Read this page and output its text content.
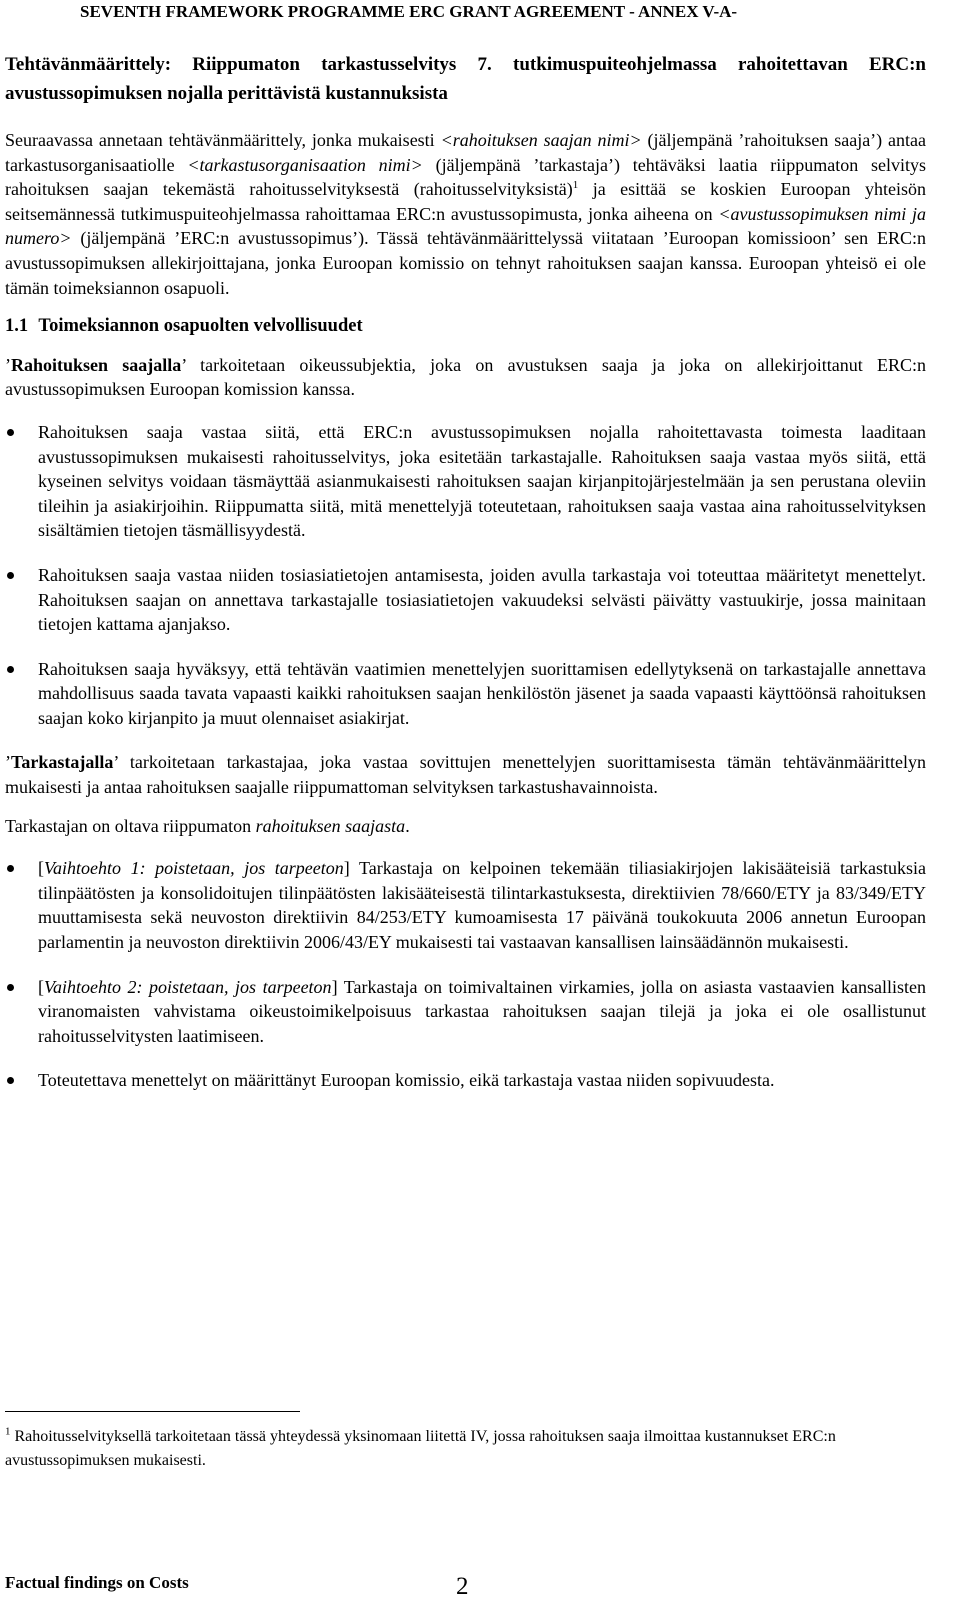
SEVENTH FRAMEWORK PROGRAMME ERC GRANT AGREEMENT - ANNEX V-A-

Tehtävänmäärittely: Riippumaton tarkastusselvitys 7. tutkimuspuiteohjelmassa rahoitettavan ERC:n avustussopimuksen nojalla perittävistä kustannuksista

Seuraavassa annetaan tehtävänmäärittely, jonka mukaisesti <rahoituksen saajan nimi> (jäljempänä ’rahoituksen saaja’) antaa tarkastusorganisaatiolle <tarkastusorganisaation nimi> (jäljempänä ’tarkastaja’) tehtäväksi laatia riippumaton selvitys rahoituksen saajan tekemästä rahoitusselvityksestä (rahoitusselvityksistä)$^1$ ja esittää se koskien Euroopan yhteisön seitsemännessä tutkimuspuiteohjelmassa rahoittamaa ERC:n avustussopimusta, jonka aiheena on <avustussopimuksen nimi ja numero> (jäljempänä ’ERC:n avustussopimus’). Tässä tehtävänmäärittelyssä viitataan ’Euroopan komissioon’ sen ERC:n avustussopimuksen allekirjoittajana, jonka Euroopan komissio on tehnyt rahoituksen saajan kanssa. Euroopan yhteisö ei ole tämän toimeksiannon osapuoli.

1.1 Toimeksiannon osapuolten velvollisuudet

’Rahoituksen saajalla’ tarkoitetaan oikeussubjektia, joka on avustuksen saaja ja joka on allekirjoittanut ERC:n avustussopimuksen Euroopan komission kanssa.

Rahoituksen saaja vastaa siitä, että ERC:n avustussopimuksen nojalla rahoitettavasta toimesta laaditaan avustussopimuksen mukaisesti rahoitusselvitys, joka esitetään tarkastajalle. Rahoituksen saaja vastaa myös siitä, että kyseinen selvitys voidaan täsmäyttää asianmukaisesti rahoituksen saajan kirjanpitojärjestelmään ja sen perustana oleviin tileihin ja asiakirjoihin. Riippumatta siitä, mitä menettelyjä toteutetaan, rahoituksen saaja vastaa aina rahoitusselvityksen sisältämien tietojen täsmällisyydestä.
Rahoituksen saaja vastaa niiden tosiasiatietojen antamisesta, joiden avulla tarkastaja voi toteuttaa määritetyt menettelyt. Rahoituksen saajan on annettava tarkastajalle tosiasiatietojen vakuudeksi selvästi päivätty vastuukirje, jossa mainitaan tietojen kattama ajanjakso.
Rahoituksen saaja hyväksyy, että tehtävän vaatimien menettelyjen suorittamisen edellytyksenä on tarkastajalle annettava mahdollisuus saada tavata vapaasti kaikki rahoituksen saajan henkilöstön jäsenet ja saada vapaasti käyttöönsä rahoituksen saajan koko kirjanpito ja muut olennaiset asiakirjat.

’Tarkastajalla’ tarkoitetaan tarkastajaa, joka vastaa sovittujen menettelyjen suorittamisesta tämän tehtävänmäärittelyn mukaisesti ja antaa rahoituksen saajalle riippumattoman selvityksen tarkastushavainnoista.

Tarkastajan on oltava riippumaton rahoituksen saajasta.

[Vaihtoehto 1: poistetaan, jos tarpeeton] Tarkastaja on kelpoinen tekemään tiliasiakirjojen lakisääteisiä tarkastuksia tilinpäätösten ja konsolidoitujen tilinpäätösten lakisääteisestä tilintarkastuksesta, direktiivien 78/660/ETY ja 83/349/ETY muuttamisesta sekä neuvoston direktiivin 84/253/ETY kumoamisesta 17 päivänä toukokuuta 2006 annetun Euroopan parlamentin ja neuvoston direktiivin 2006/43/EY mukaisesti tai vastaavan kansallisen lainsäädännön mukaisesti.
[Vaihtoehto 2: poistetaan, jos tarpeeton] Tarkastaja on toimivaltainen virkamies, jolla on asiasta vastaavien kansallisten viranomaisten vahvistama oikeustoimikelpoisuus tarkastaa rahoituksen saajan tilejä ja joka ei ole osallistunut rahoitusselvitysten laatimiseen.
Toteutettava menettelyt on määrittänyt Euroopan komissio, eikä tarkastaja vastaa niiden sopivuudesta.

$^1$ Rahoitusselvityksellä tarkoitetaan tässä yhteydessä yksinomaan liitettä IV, jossa rahoituksen saaja ilmoittaa kustannukset ERC:n avustussopimuksen mukaisesti.

Factual findings on Costs	2
